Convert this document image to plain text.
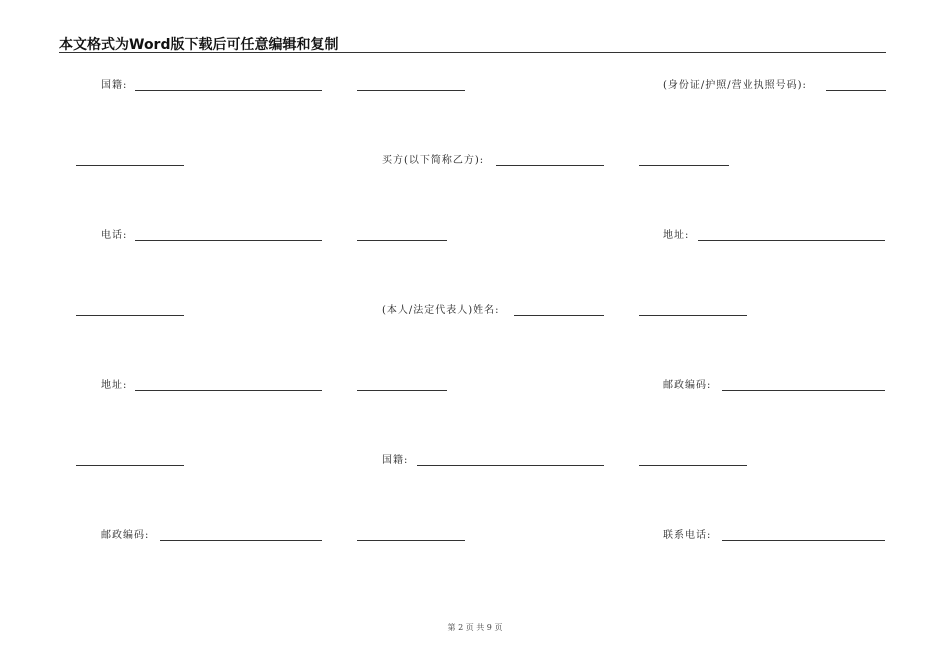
本文格式为Word版下载后可任意编辑和复制
国籍:	(身份证/护照/营业执照号码):
买方(以下简称乙方):
电话:	地址:
(本人/法定代表人)姓名:
地址:	邮政编码:
国籍:
邮政编码:	联系电话:
第 2 页 共 9 页
